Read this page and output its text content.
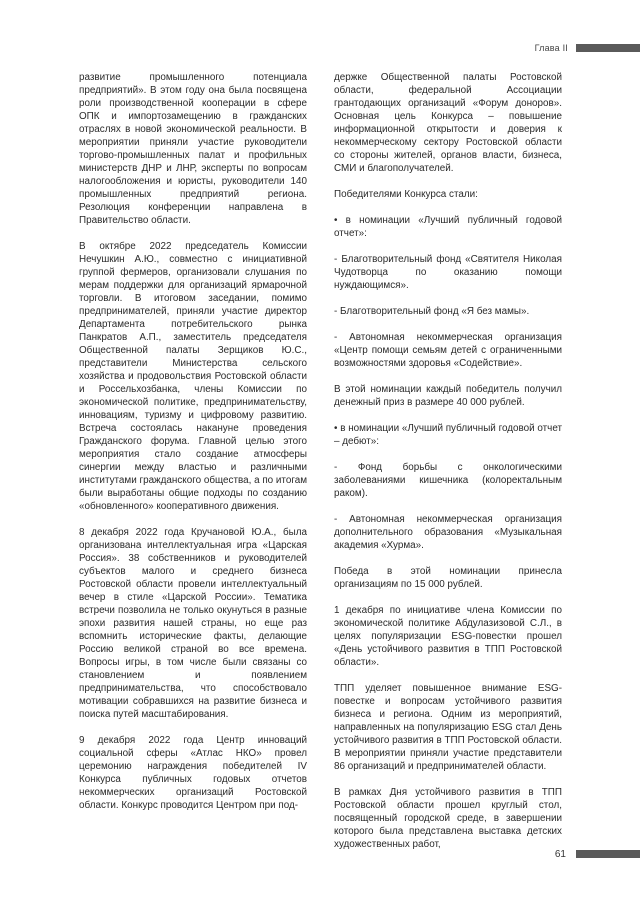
Глава II

развитие промышленного потенциала предприятий». В этом году она была посвящена роли производственной кооперации в сфере ОПК и импортозамещению в гражданских отраслях в новой экономической реальности. В мероприятии приняли участие руководители торгово-промышленных палат и профильных министерств ДНР и ЛНР, эксперты по вопросам налогообложения и юристы, руководители 140 промышленных предприятий региона. Резолюция конференции направлена в Правительство области.

В октябре 2022 председатель Комиссии Нечушкин А.Ю., совместно с инициативной группой фермеров, организовали слушания по мерам поддержки для организаций ярмарочной торговли. В итоговом заседании, помимо предпринимателей, приняли участие директор Департамента потребительского рынка Панкратов А.П., заместитель председателя Общественной палаты Зерщиков Ю.С., представители Министерства сельского хозяйства и продовольствия Ростовской области и Россельхозбанка, члены Комиссии по экономической политике, предпринимательству, инновациям, туризму и цифровому развитию. Встреча состоялась накануне проведения Гражданского форума. Главной целью этого мероприятия стало создание атмосферы синергии между властью и различными институтами гражданского общества, а по итогам были выработаны общие подходы по созданию «обновленного» кооперативного движения.

8 декабря 2022 года Кручановой Ю.А., была организована интеллектуальная игра «Царская Россия». 38 собственников и руководителей субъектов малого и среднего бизнеса Ростовской области провели интеллектуальный вечер в стиле «Царской России». Тематика встречи позволила не только окунуться в разные эпохи развития нашей страны, но еще раз вспомнить исторические факты, делающие Россию великой страной во все времена. Вопросы игры, в том числе были связаны со становлением и появлением предпринимательства, что способствовало мотивации собравшихся на развитие бизнеса и поиска путей масштабирования.

9 декабря 2022 года Центр инноваций социальной сферы «Атлас НКО» провел церемонию награждения победителей IV Конкурса публичных годовых отчетов некоммерческих организаций Ростовской области. Конкурс проводится Центром при под-

держке Общественной палаты Ростовской области, федеральной Ассоциации грантодающих организаций «Форум доноров». Основная цель Конкурса – повышение информационной открытости и доверия к некоммерческому сектору Ростовской области со стороны жителей, органов власти, бизнеса, СМИ и благополучателей.

Победителями Конкурса стали:

• в номинации «Лучший публичный годовой отчет»:

- Благотворительный фонд «Святителя Николая Чудотворца по оказанию помощи нуждающимся».

- Благотворительный фонд «Я без мамы».

- Автономная некоммерческая организация «Центр помощи семьям детей с ограниченными возможностями здоровья «Содействие».

В этой номинации каждый победитель получил денежный приз в размере 40 000 рублей.

• в номинации «Лучший публичный годовой отчет – дебют»:

- Фонд борьбы с онкологическими заболеваниями кишечника (колоректальным раком).

- Автономная некоммерческая организация дополнительного образования «Музыкальная академия «Хурма».

Победа в этой номинации принесла организациям по 15 000 рублей.

1 декабря по инициативе члена Комиссии по экономической политике Абдулазизовой С.Л., в целях популяризации ESG-повестки прошел «День устойчивого развития в ТПП Ростовской области».

ТПП уделяет повышенное внимание ESG-повестке и вопросам устойчивого развития бизнеса и региона. Одним из мероприятий, направленных на популяризацию ESG стал День устойчивого развития в ТПП Ростовской области. В мероприятии приняли участие представители 86 организаций и предпринимателей области.

В рамках Дня устойчивого развития в ТПП Ростовской области прошел круглый стол, посвященный городской среде, в завершении которого была представлена выставка детских художественных работ,

61
